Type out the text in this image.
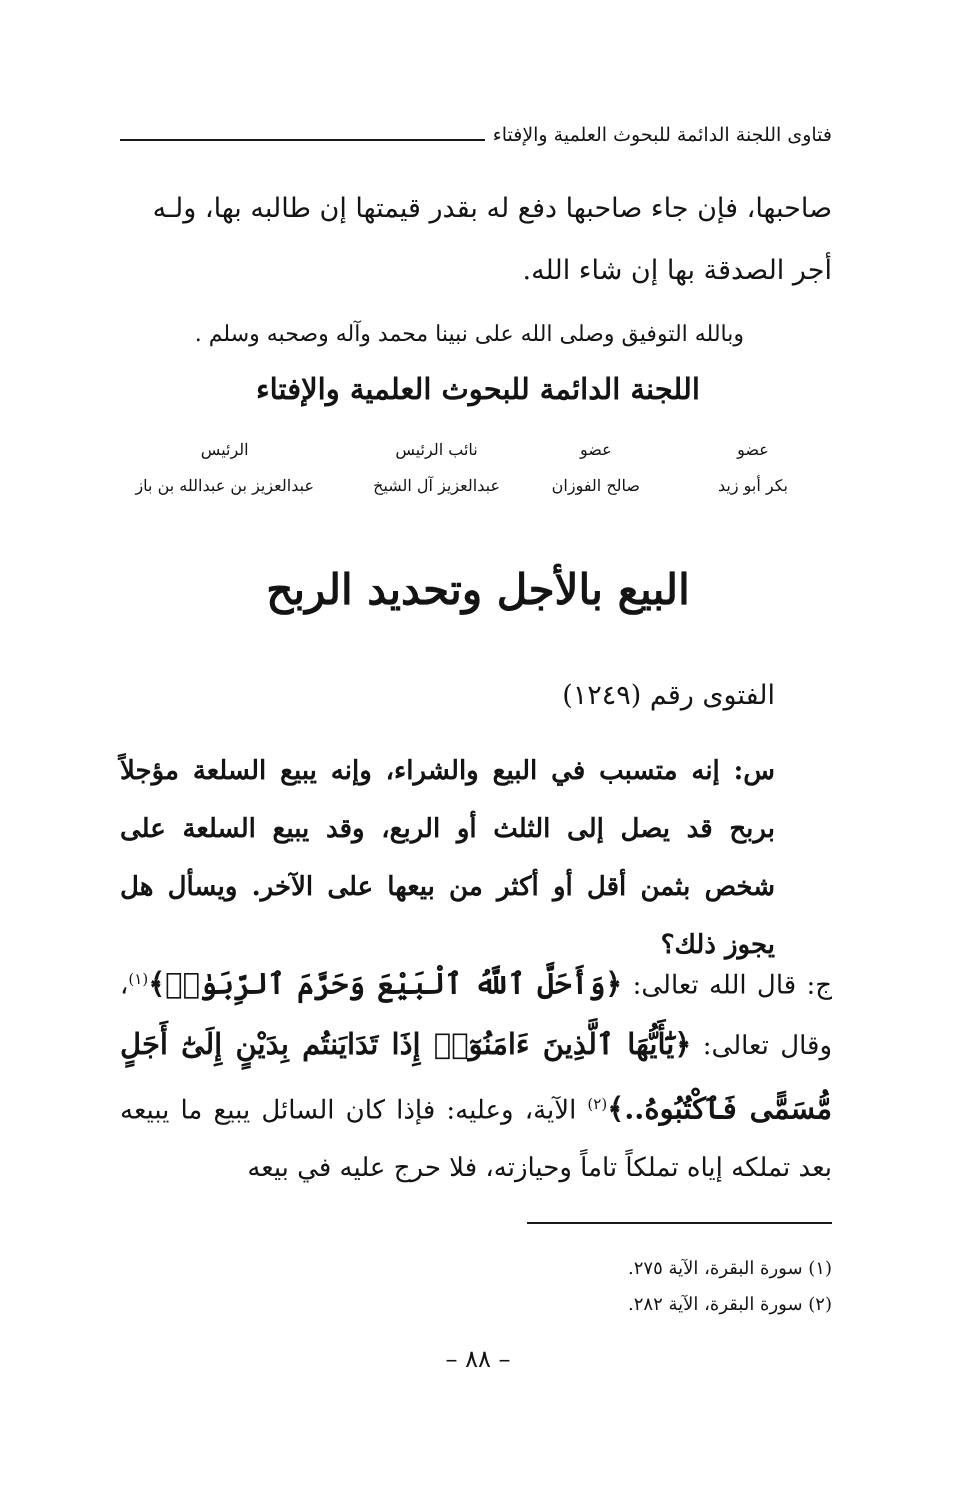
فتاوى اللجنة الدائمة للبحوث العلمية والإفتاء
صاحبها، فإن جاء صاحبها دفع له بقدر قيمتها إن طالبه بها، ولـه
أجر الصدقة بها إن شاء الله.
وبالله التوفيق وصلى الله على نبينا محمد وآله وصحبه وسلم .
اللجنة الدائمة للبحوث العلمية والإفتاء
عضو
بكر أبو زيد
عضو
صالح الفوزان
نائب الرئيس
عبدالعزيز آل الشيخ
الرئيس
عبدالعزيز بن عبدالله بن باز
البيع بالأجل وتحديد الربح
الفتوى رقم (١٢٤٩)

س: إنه متسبب في البيع والشراء، وإنه يبيع السلعة مؤجلاً بربح قد يصل إلى الثلث أو الربع، وقد يبيع السلعة على شخص بثمن أقل أو أكثر من بيعها على الآخر. ويسأل هل يجوز ذلك؟

ج: قال الله تعالى: ﴿وَأَحَلَّ ٱللَّهُ ٱلْبَيْعَ وَحَرَّمَ ٱلرِّبَوٰا۟﴾$^{(١)}$، وقال تعالى: ﴿يَٰٓأَيُّهَا ٱلَّذِينَ ءَامَنُوٓا۟ إِذَا تَدَايَنتُم بِدَيْنٍ إِلَىٰٓ أَجَلٍ مُّسَمًّى فَٱكْتُبُوهُ..﴾$^{(٢)}$ الآية، وعليه: فإذا كان السائل يبيع ما يبيعه بعد تملكه إياه تملكاً تاماً وحيازته، فلا حرج عليه في بيعه

(١) سورة البقرة، الآية ٢٧٥.
(٢) سورة البقرة، الآية ٢٨٢.
– ٨٨ –
